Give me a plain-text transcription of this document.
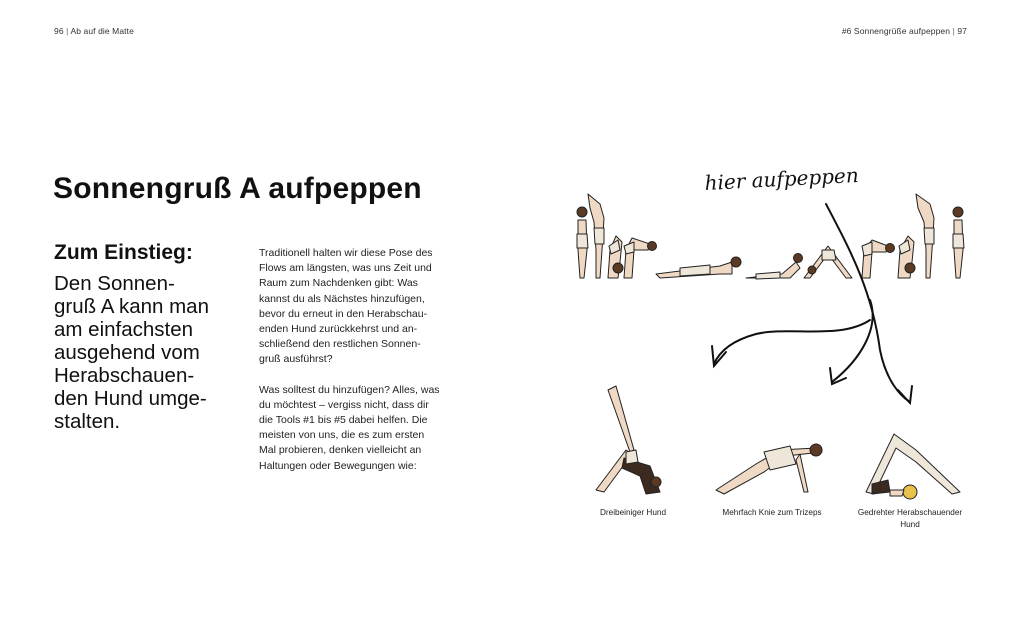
96 | Ab auf die Matte	#6 Sonnengrüße aufpeppen | 97
Sonnengruß A aufpeppen
Zum Einstieg:

Den Sonnen-
gruß A kann man
am einfachsten
ausgehend vom
Herabschauen-
den Hund umge-
stalten.

Traditionell halten wir diese Pose des
Flows am längsten, was uns Zeit und
Raum zum Nachdenken gibt: Was
kannst du als Nächstes hinzufügen,
bevor du erneut in den Herabschau-
enden Hund zurückkehrst und an-
schließend den restlichen Sonnen-
gruß ausführst?
Was solltest du hinzufügen? Alles, was
du möchtest – vergiss nicht, dass dir
die Tools #1 bis #5 dabei helfen. Die
meisten von uns, die es zum ersten
Mal probieren, denken vielleicht an
Haltungen oder Bewegungen wie:
hier aufpeppen
Dreibeiniger Hund	Mehrfach Knie zum Trizeps	Gedrehter Herabschauender
Hund
